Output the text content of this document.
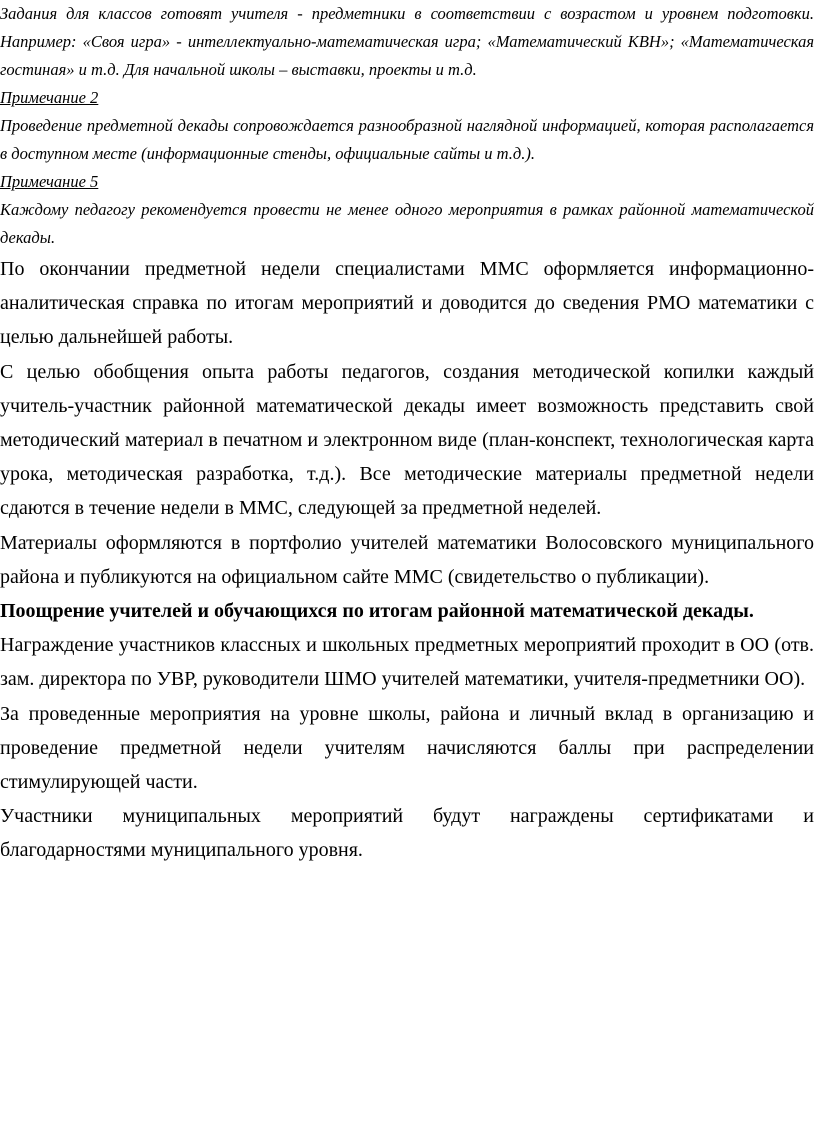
Задания для классов готовят учителя - предметники в соответствии с возрастом и уровнем подготовки. Например: «Своя игра» - интеллектуально-математическая игра; «Математический КВН»; «Математическая гостиная» и т.д. Для начальной школы – выставки, проекты и т.д.

Примечание 2

Проведение предметной декады сопровождается разнообразной наглядной информацией, которая располагается в доступном месте (информационные стенды, официальные сайты и т.д.).

Примечание 5

Каждому педагогу рекомендуется провести не менее одного мероприятия в рамках районной математической декады.

По окончании предметной недели специалистами ММС оформляется информационно-аналитическая справка по итогам мероприятий и доводится до сведения РМО математики с целью дальнейшей работы.

С целью обобщения опыта работы педагогов, создания методической копилки каждый учитель-участник районной математической декады имеет возможность представить свой методический материал в печатном и электронном виде (план-конспект, технологическая карта урока, методическая разработка, т.д.). Все методические материалы предметной недели сдаются в течение недели в ММС, следующей за предметной неделей.

Материалы оформляются в портфолио учителей математики Волосовского муниципального района и публикуются на официальном сайте ММС (свидетельство о публикации).

Поощрение учителей и обучающихся по итогам районной математической декады.

Награждение участников классных и школьных предметных мероприятий проходит в ОО (отв. зам. директора по УВР, руководители ШМО учителей математики, учителя-предметники ОО).

За проведенные мероприятия на уровне школы, района и личный вклад в организацию и проведение предметной недели учителям начисляются баллы при распределении стимулирующей части.

Участники муниципальных мероприятий будут награждены сертификатами и благодарностями муниципального уровня.
